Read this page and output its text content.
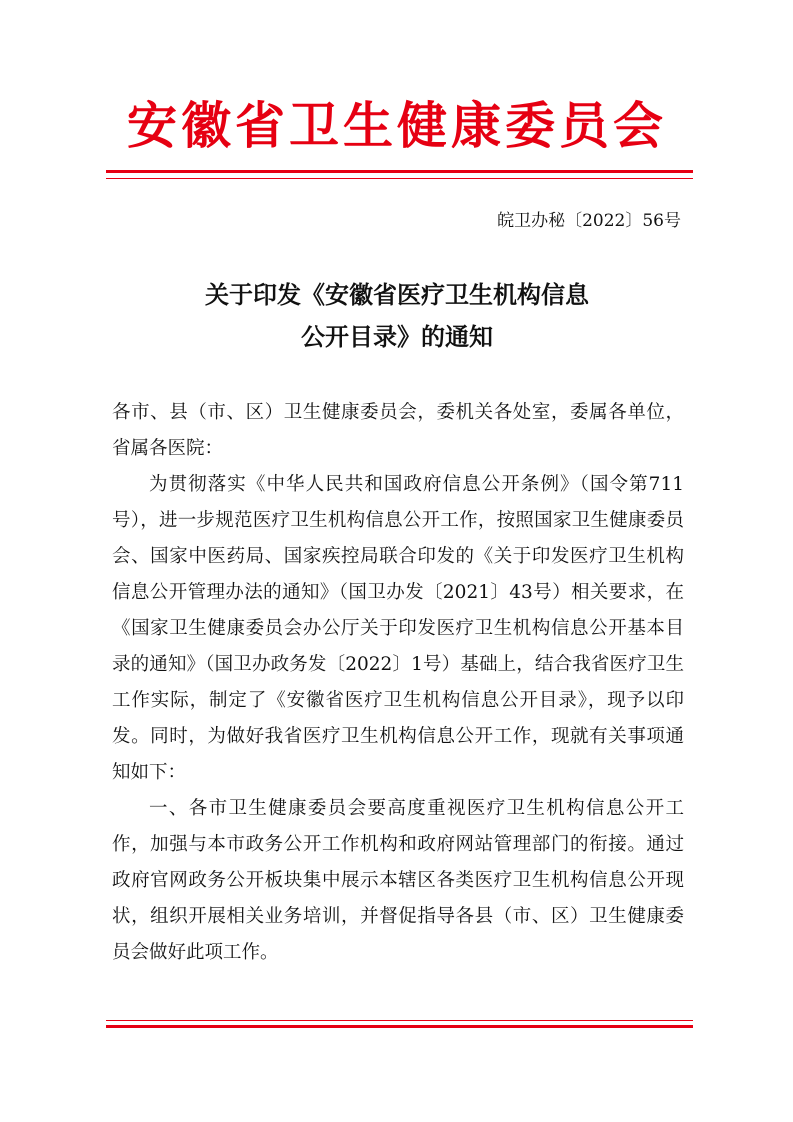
安徽省卫生健康委员会
皖卫办秘〔2022〕56号
关于印发《安徽省医疗卫生机构信息
公开目录》的通知

各市、县（市、区）卫生健康委员会，委机关各处室，委属各单位，省属各医院：

为贯彻落实《中华人民共和国政府信息公开条例》（国令第711号），进一步规范医疗卫生机构信息公开工作，按照国家卫生健康委员会、国家中医药局、国家疾控局联合印发的《关于印发医疗卫生机构信息公开管理办法的通知》（国卫办发〔2021〕43号）相关要求，在《国家卫生健康委员会办公厅关于印发医疗卫生机构信息公开基本目录的通知》（国卫办政务发〔2022〕1号）基础上，结合我省医疗卫生工作实际，制定了《安徽省医疗卫生机构信息公开目录》，现予以印发。同时，为做好我省医疗卫生机构信息公开工作，现就有关事项通知如下：

一、各市卫生健康委员会要高度重视医疗卫生机构信息公开工作，加强与本市政务公开工作机构和政府网站管理部门的衔接。通过政府官网政务公开板块集中展示本辖区各类医疗卫生机构信息公开现状，组织开展相关业务培训，并督促指导各县（市、区）卫生健康委员会做好此项工作。
